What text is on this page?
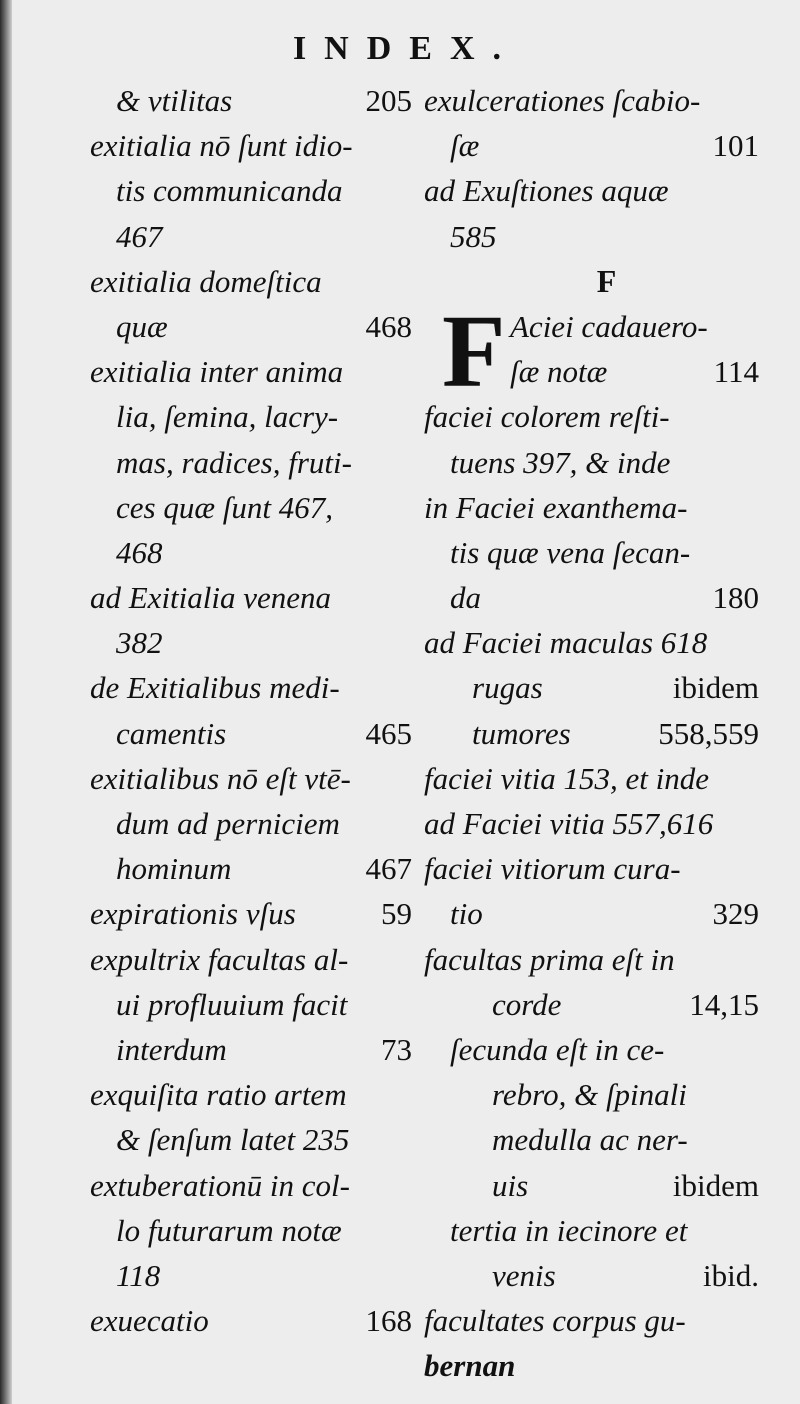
INDEX.
& vtilitas	205
exitialia nō ſunt idio-
tis communicanda
467
exitialia domeſtica
quæ	468
exitialia inter anima
lia, ſemina, lacry-
mas, radices, fruti-
ces quæ ſunt 467,
468
ad Exitialia venena
382
de Exitialibus medi-
camentis	465
exitialibus nō eſt vtē-
dum ad perniciem
hominum	467
expirationis vſus	59
expultrix facultas al-
ui profluuium facit
interdum	73
exquiſita ratio artem
& ſenſum latet 235
extuberationū in col-
lo futurarum notæ
118
exuecatio	168
exulcerationes ſcabio-
ſæ	101
ad Exuſtiones aquæ
585
F
F Aciei cadauero-
ſæ notæ	114
faciei colorem reſti-
tuens 397, & inde
in Faciei exanthema-
tis quæ vena ſecan-
da	180
ad Faciei maculas 618
rugas	ibidem
tumores	558,559
faciei vitia 153, et inde
ad Faciei vitia 557,616
faciei vitiorum cura-
tio	329
facultas prima eſt in
corde	14,15
ſecunda eſt in ce-
rebro, & ſpinali
medulla ac ner-
uis	ibidem
tertia in iecinore et
venis	ibid.
facultates corpus gu-
bernan
